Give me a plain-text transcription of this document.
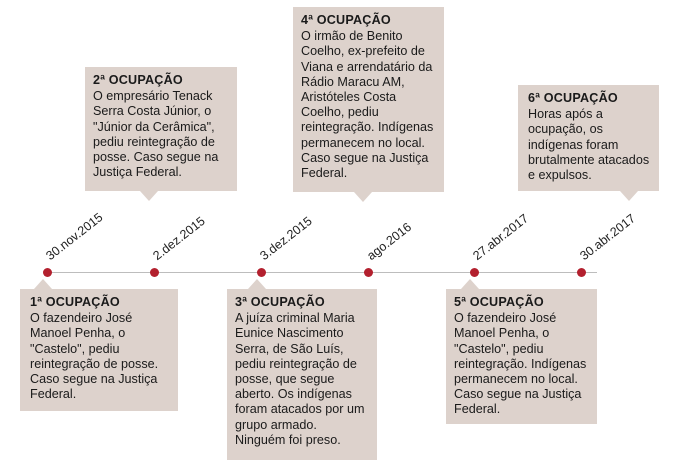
30.nov.2015	2.dez.2015	3.dez.2015	ago.2016	27.abr.2017	30.abr.2017
1ª OCUPAÇÃO
O fazendeiro José Manoel Penha, o "Castelo", pediu reintegração de posse. Caso segue na Justiça Federal.
2ª OCUPAÇÃO
O empresário Tenack Serra Costa Júnior, o "Júnior da Cerâmica", pediu reintegração de posse. Caso segue na Justiça Federal.
3ª OCUPAÇÃO
A juíza criminal Maria Eunice Nascimento Serra, de São Luís, pediu reintegração de posse, que segue aberto. Os indígenas foram atacados por um grupo armado. Ninguém foi preso.
4ª OCUPAÇÃO
O irmão de Benito Coelho, ex-prefeito de Viana e arrendatário da Rádio Maracu AM, Aristóteles Costa Coelho, pediu reintegração. Indígenas permanecem no local. Caso segue na Justiça Federal.
5ª OCUPAÇÃO
O fazendeiro José Manoel Penha, o "Castelo", pediu reintegração. Indígenas permanecem no local. Caso segue na Justiça Federal.
6ª OCUPAÇÃO
Horas após a ocupação, os indígenas foram brutalmente atacados e expulsos.
